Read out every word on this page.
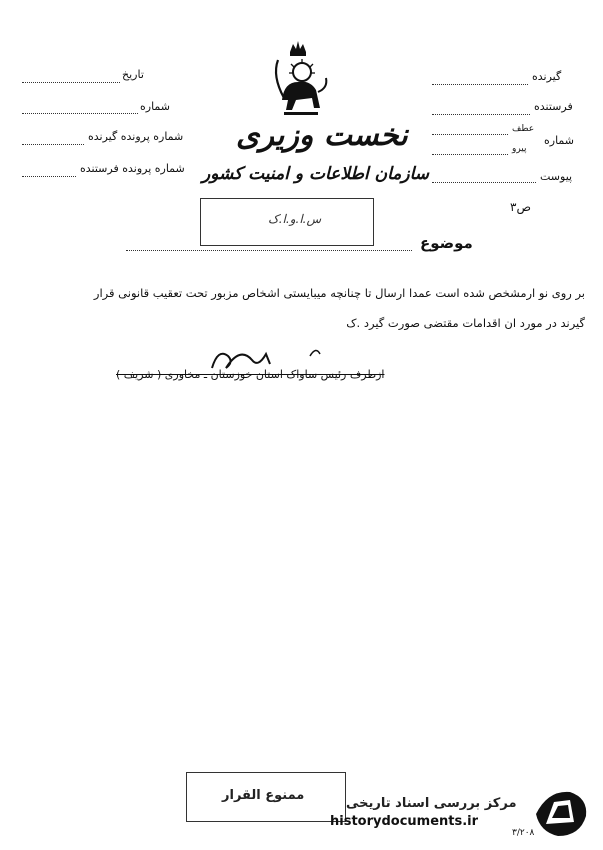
نخست وزیری
سازمان اطلاعات و امنیت کشور
تاریخ
شماره
شماره پرونده گیرنده
شماره پرونده فرستنده
گیرنده
فرستنده
شماره
عطف
پیرو
پیوست
ص۳
س.ا.و.ا.ک
موضوع
بر روی نو ارمشخص شده است عمدا ارسال تا چنانچه میبایستی اشخاص مزبور تحت تعقیب قانونی قرار
گیرند در مورد ان اقدامات مقتضی صورت گیرد .ک
ازطرف رئیس ساواک استان خوزستان ـ مخاوری ( شریف )
ممنوع القرار
مرکز بررسی اسناد تاریخی
historydocuments.ir
۳/۲۰۸
